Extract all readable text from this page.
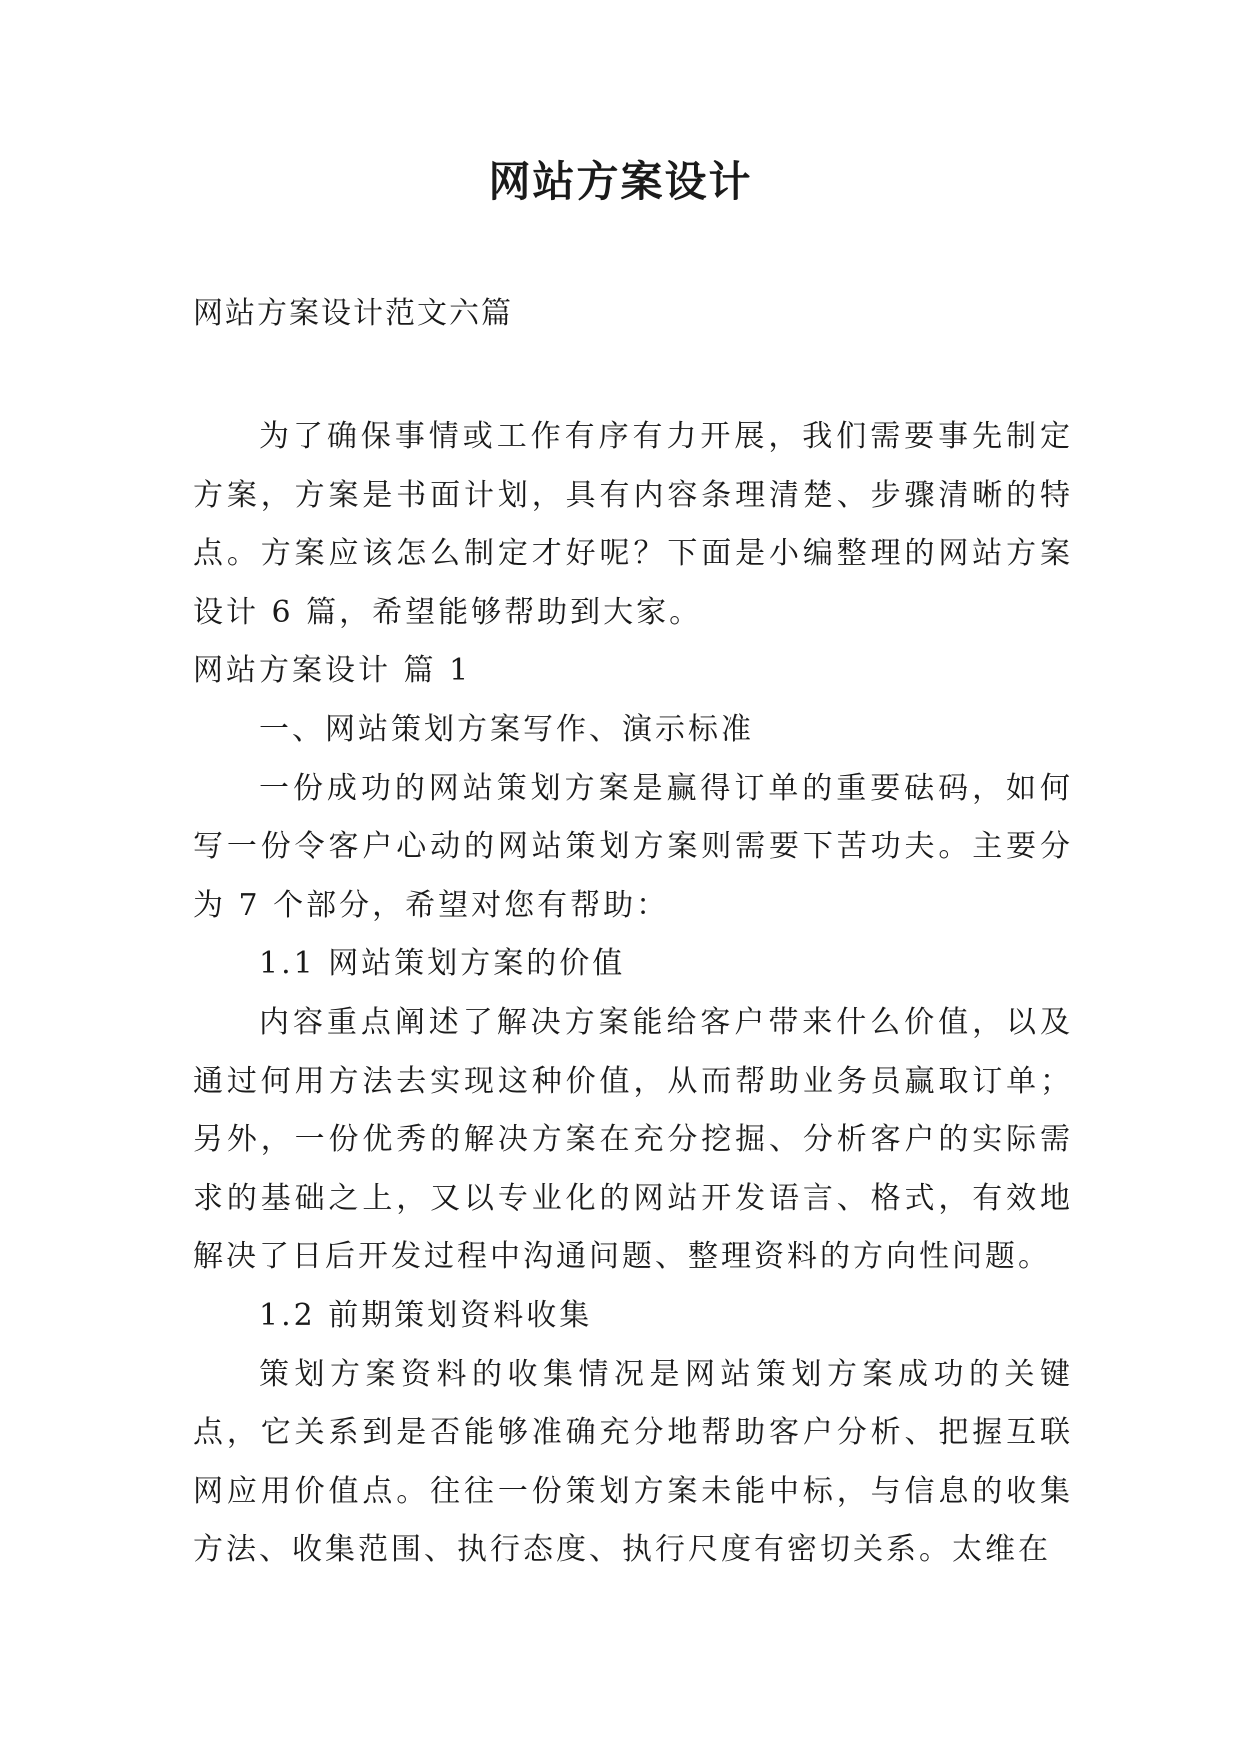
网站方案设计

网站方案设计范文六篇

为了确保事情或工作有序有力开展，我们需要事先制定方案，方案是书面计划，具有内容条理清楚、步骤清晰的特点。方案应该怎么制定才好呢？下面是小编整理的网站方案设计 6 篇，希望能够帮助到大家。

网站方案设计 篇 1

一、网站策划方案写作、演示标准

一份成功的网站策划方案是赢得订单的重要砝码，如何写一份令客户心动的网站策划方案则需要下苦功夫。主要分为 7 个部分，希望对您有帮助：

1.1 网站策划方案的价值

内容重点阐述了解决方案能给客户带来什么价值，以及通过何用方法去实现这种价值，从而帮助业务员赢取订单；另外，一份优秀的解决方案在充分挖掘、分析客户的实际需求的基础之上，又以专业化的网站开发语言、格式，有效地解决了日后开发过程中沟通问题、整理资料的方向性问题。

1.2 前期策划资料收集

策划方案资料的收集情况是网站策划方案成功的关键点，它关系到是否能够准确充分地帮助客户分析、把握互联网应用价值点。往往一份策划方案未能中标，与信息的收集方法、收集范围、执行态度、执行尺度有密切关系。太维在
